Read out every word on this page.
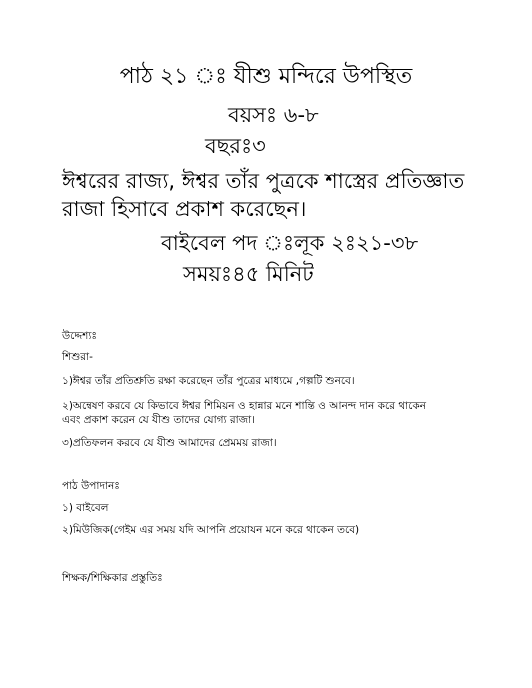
পাঠ ২১ ঃ যীশু মন্দিরে উপস্থিত
বয়সঃ ৬-৮
বছরঃ৩
ঈশ্বরের রাজ্য, ঈশ্বর তাঁর পুত্রকে শাস্ত্রের প্রতিজ্ঞাত
রাজা হিসাবে প্রকাশ করেছেন।
বাইবেল পদ ঃলূক ২ঃ২১-৩৮
সময়ঃ৪৫ মিনিট
উদ্দেশ্যঃ
শিশুরা-
১)ঈশ্বর তাঁর প্রতিশ্রুতি রক্ষা করেছেন তাঁর পুত্রের মাধ্যমে ,গল্পটি শুনবে।
২)অন্বেষণ করবে যে কিভাবে ঈশ্বর শিমিয়ন ও হান্নার মনে শান্তি ও আনন্দ দান করে থাকেন
এবং প্রকাশ করেন যে যীশু তাদের যোগ্য রাজা।
৩)প্রতিফলন করবে যে যীশু আমাদের প্রেমময় রাজা।
পাঠ উপাদানঃ
১) বাইবেল
২)মিউজিক(গেইম এর সময় যদি আপনি প্রয়োযন মনে করে থাকেন তবে)
শিক্ষক/শিক্ষিকার প্রস্তুতিঃ
